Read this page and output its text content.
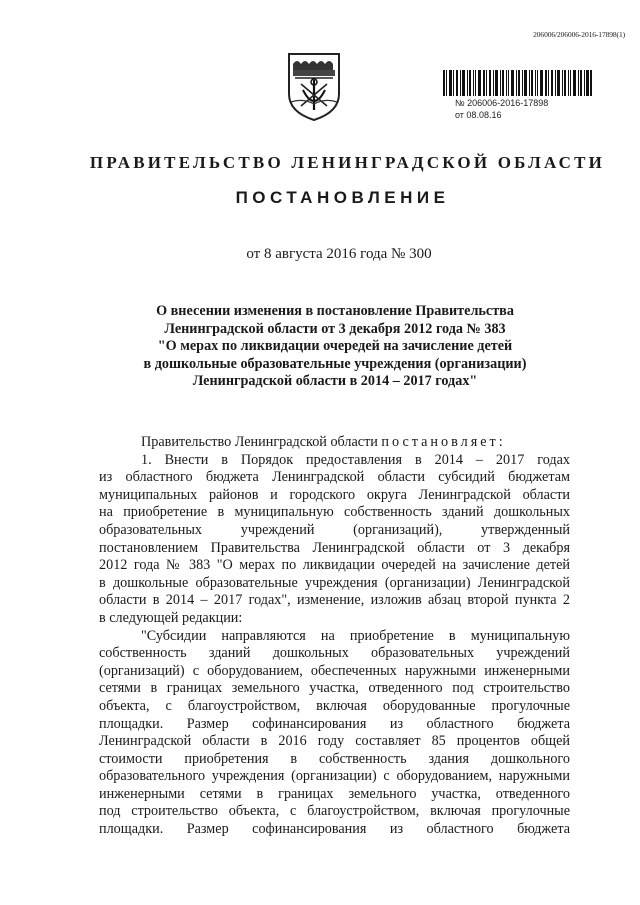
206006/206006-2016-17898(1)
№ 206006-2016-17898
от 08.08.16
ПРАВИТЕЛЬСТВО ЛЕНИНГРАДСКОЙ ОБЛАСТИ
ПОСТАНОВЛЕНИЕ
от 8 августа 2016 года № 300
О внесении изменения в постановление Правительства
Ленинградской области от 3 декабря 2012 года № 383
"О мерах по ликвидации очередей на зачисление детей
в дошкольные образовательные учреждения (организации)
Ленинградской области в 2014 – 2017 годах"
Правительство Ленинградской области постановляет:
1. Внести в Порядок предоставления в 2014 – 2017 годах
из областного бюджета Ленинградской области субсидий бюджетам
муниципальных районов и городского округа Ленинградской области
на приобретение в муниципальную собственность зданий дошкольных
образовательных учреждений (организаций), утвержденный
постановлением Правительства Ленинградской области от 3 декабря
2012 года № 383 "О мерах по ликвидации очередей на зачисление детей
в дошкольные образовательные учреждения (организации) Ленинградской
области в 2014 – 2017 годах", изменение, изложив абзац второй пункта 2
в следующей редакции:
"Субсидии направляются на приобретение в муниципальную
собственность зданий дошкольных образовательных учреждений
(организаций) с оборудованием, обеспеченных наружными инженерными
сетями в границах земельного участка, отведенного под строительство
объекта, с благоустройством, включая оборудованные прогулочные
площадки. Размер софинансирования из областного бюджета
Ленинградской области в 2016 году составляет 85 процентов общей
стоимости приобретения в собственность здания дошкольного
образовательного учреждения (организации) с оборудованием, наружными
инженерными сетями в границах земельного участка, отведенного
под строительство объекта, с благоустройством, включая прогулочные
площадки. Размер софинансирования из областного бюджета
